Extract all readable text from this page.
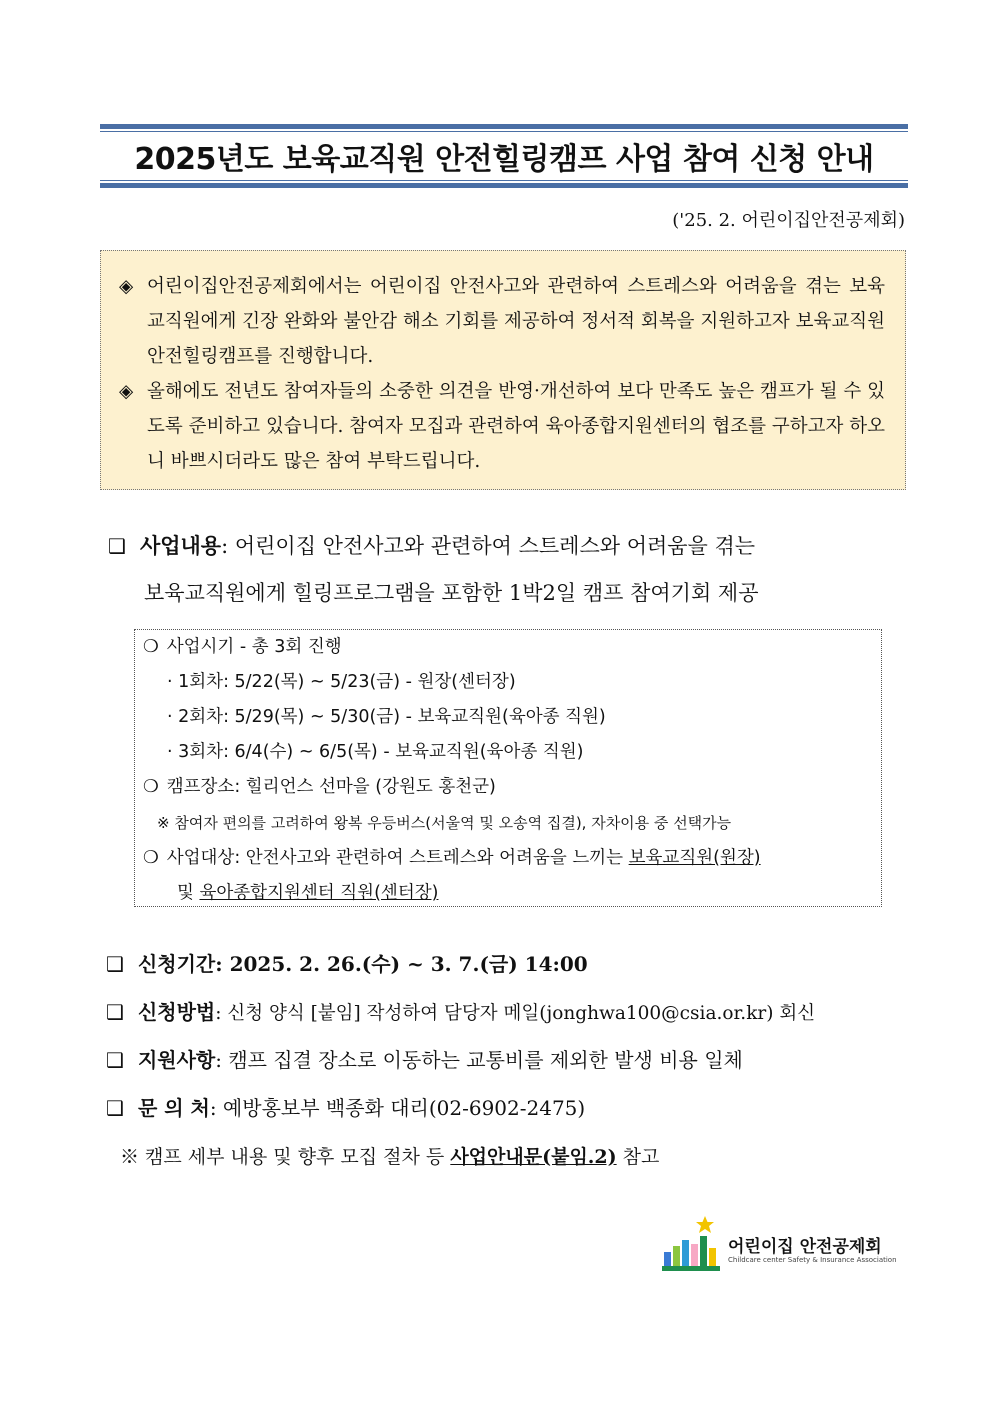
2025년도 보육교직원 안전힐링캠프 사업 참여 신청 안내
('25. 2. 어린이집안전공제회)
◈ 어린이집안전공제회에서는 어린이집 안전사고와 관련하여 스트레스와 어려움을 겪는 보육교직원에게 긴장 완화와 불안감 해소 기회를 제공하여 정서적 회복을 지원하고자 보육교직원 안전힐링캠프를 진행합니다.
◈ 올해에도 전년도 참여자들의 소중한 의견을 반영·개선하여 보다 만족도 높은 캠프가 될 수 있도록 준비하고 있습니다. 참여자 모집과 관련하여 육아종합지원센터의 협조를 구하고자 하오니 바쁘시더라도 많은 참여 부탁드립니다.
❑ 사업내용: 어린이집 안전사고와 관련하여 스트레스와 어려움을 겪는
보육교직원에게 힐링프로그램을 포함한 1박2일 캠프 참여기회 제공
❍ 사업시기 - 총 3회 진행
· 1회차: 5/22(목) ~ 5/23(금) - 원장(센터장)
· 2회차: 5/29(목) ~ 5/30(금) - 보육교직원(육아종 직원)
· 3회차: 6/4(수) ~ 6/5(목) - 보육교직원(육아종 직원)
❍ 캠프장소: 힐리언스 선마을 (강원도 홍천군)
※ 참여자 편의를 고려하여 왕복 우등버스(서울역 및 오송역 집결), 자차이용 중 선택가능
❍ 사업대상: 안전사고와 관련하여 스트레스와 어려움을 느끼는 보육교직원(원장)
및 육아종합지원센터 직원(센터장)
❑ 신청기간: 2025. 2. 26.(수) ~ 3. 7.(금) 14:00
❑ 신청방법: 신청 양식 [붙임] 작성하여 담당자 메일(jonghwa100@csia.or.kr) 회신
❑ 지원사항: 캠프 집결 장소로 이동하는 교통비를 제외한 발생 비용 일체
❑ 문 의 처: 예방홍보부 백종화 대리(02-6902-2475)
※ 캠프 세부 내용 및 향후 모집 절차 등 사업안내문(붙임.2) 참고
어린이집 안전공제회
Childcare center Safety & Insurance Association
